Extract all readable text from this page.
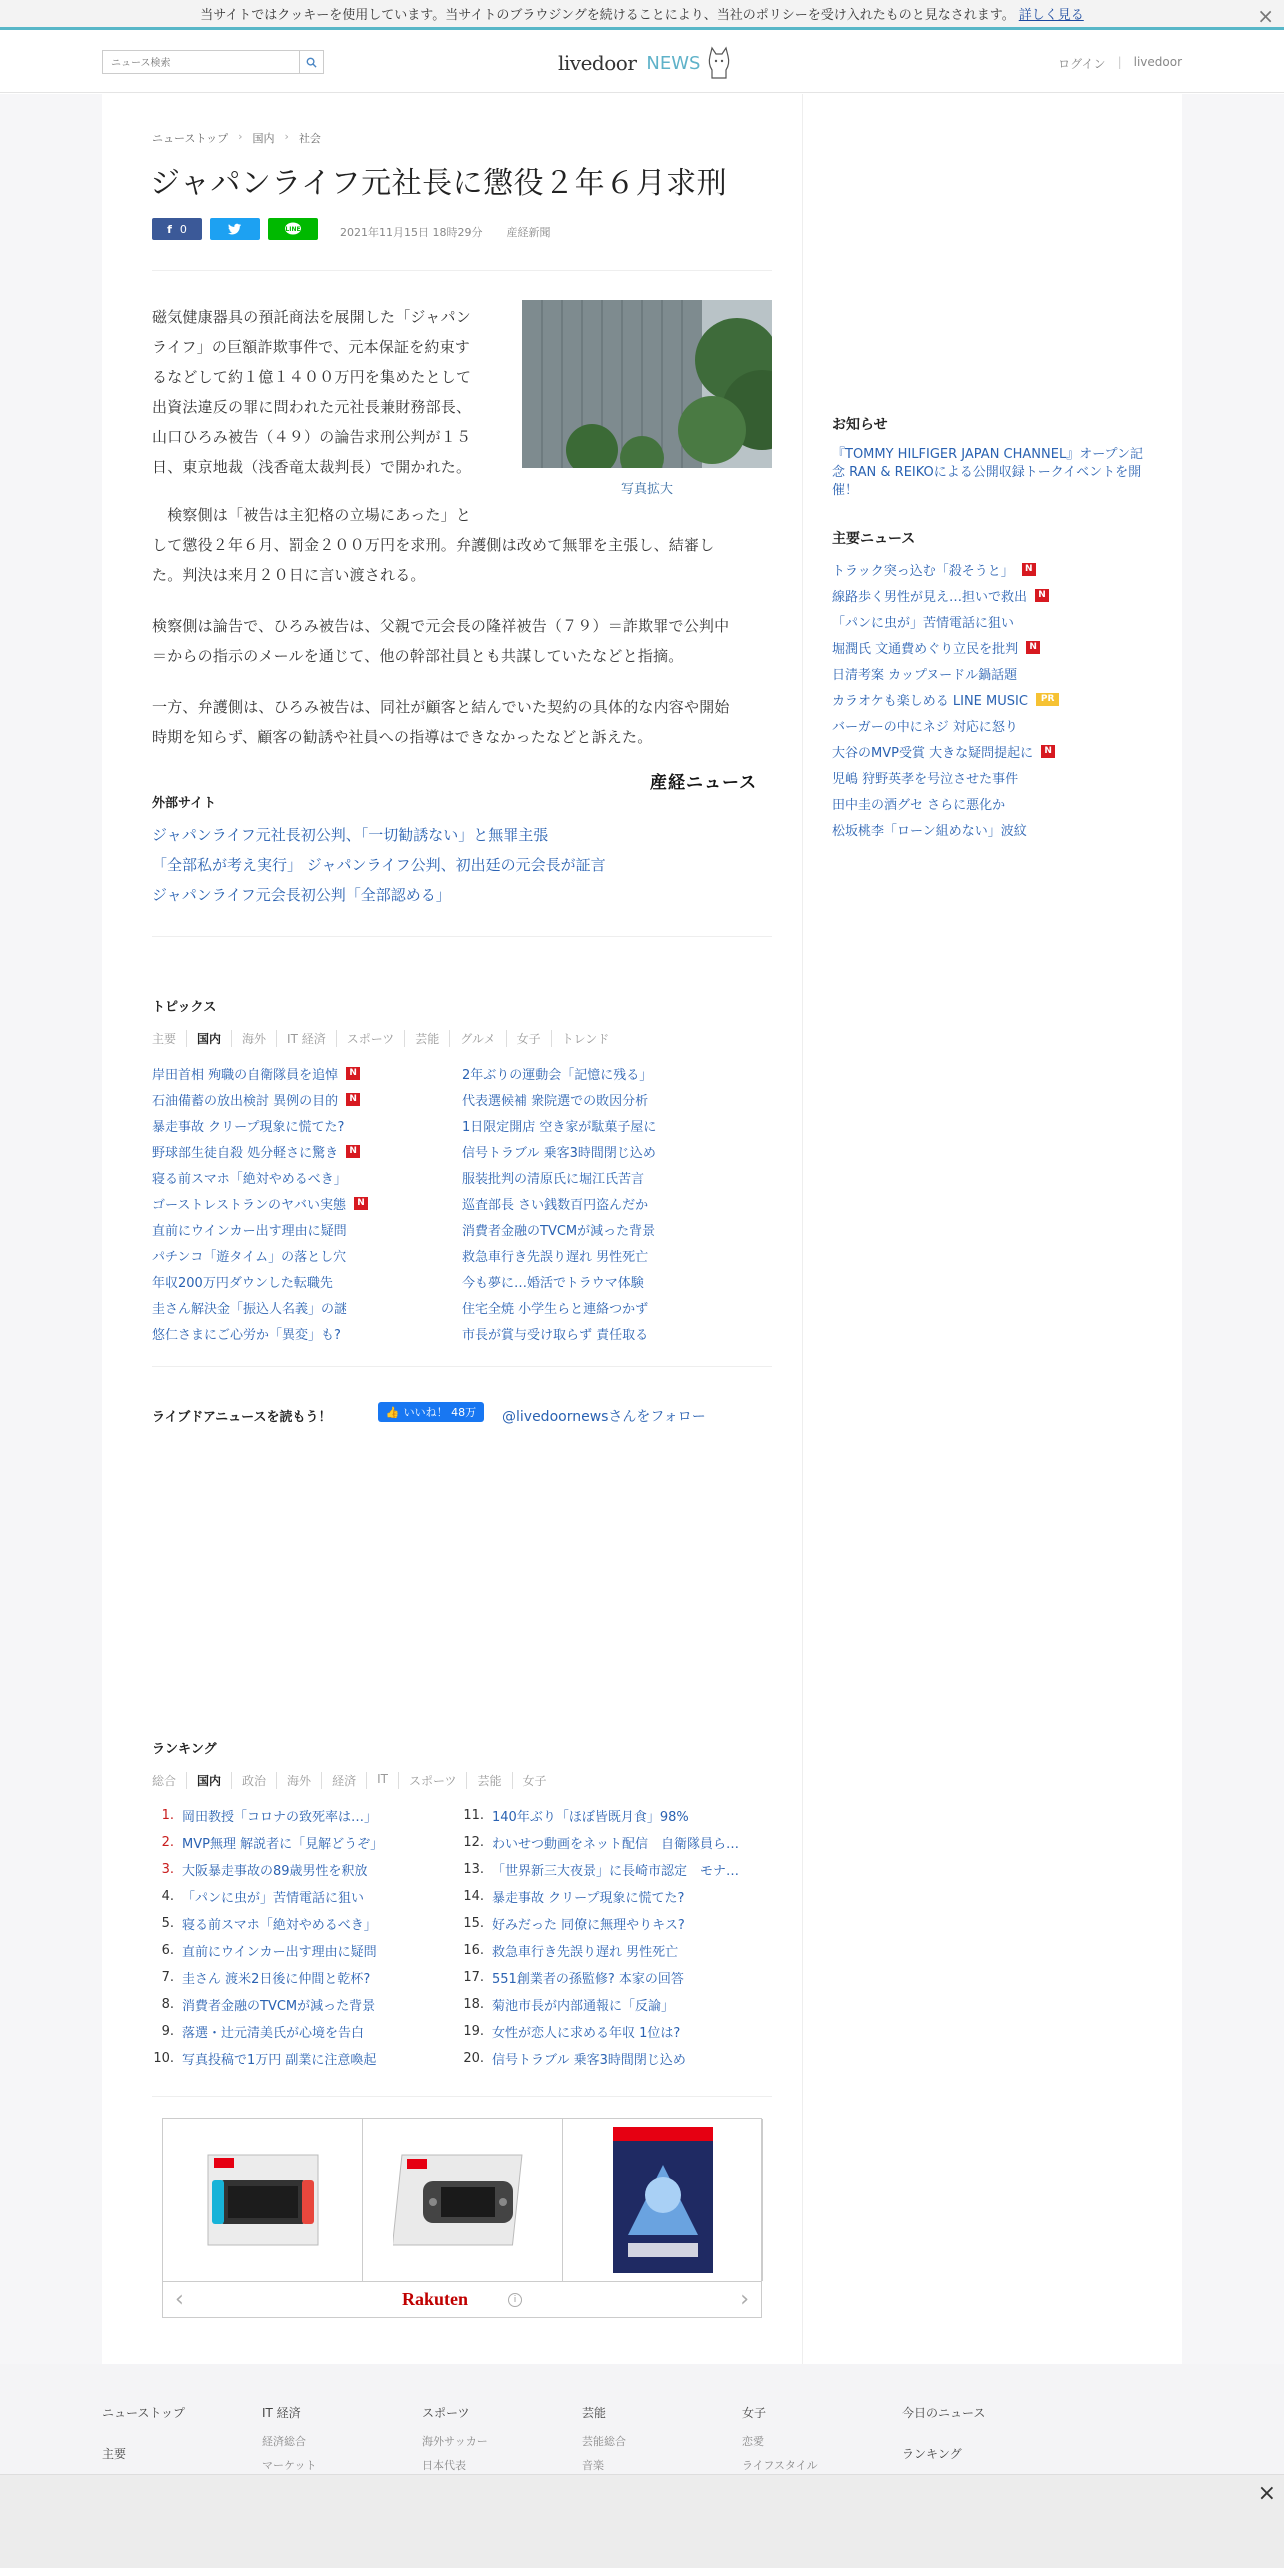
当サイトではクッキーを使用しています。当サイトのブラウジングを続けることにより、当社のポリシーを受け入れたものと見なされます。 詳しく見る	×
ニュース検索
livedoor NEWS	ログイン | livedoor
ニューストップ › 国内 › 社会
ジャパンライフ元社長に懲役２年６月求刑
f 0	LINE	2021年11月15日 18時29分 産経新聞
写真拡大

磁気健康器具の預託商法を展開した「ジャパン

ライフ」の巨額詐欺事件で、元本保証を約束す

るなどして約１億１４００万円を集めたとして

出資法違反の罪に問われた元社長兼財務部長、

山口ひろみ被告（４９）の論告求刑公判が１５

日、東京地裁（浅香竜太裁判長）で開かれた。

　検察側は「被告は主犯格の立場にあった」と

して懲役２年６月、罰金２００万円を求刑。弁護側は改めて無罪を主張し、結審し

た。判決は来月２０日に言い渡される。

検察側は論告で、ひろみ被告は、父親で元会長の隆祥被告（７９）＝詐欺罪で公判中

＝からの指示のメールを通じて、他の幹部社員とも共謀していたなどと指摘。

一方、弁護側は、ひろみ被告は、同社が顧客と結んでいた契約の具体的な内容や開始

時期を知らず、顧客の勧誘や社員への指導はできなかったなどと訴えた。

産経ニュース
外部サイト
ジャパンライフ元社長初公判、「一切勧誘ない」と無罪主張
「全部私が考え実行」 ジャパンライフ公判、初出廷の元会長が証言
ジャパンライフ元会長初公判「全部認める」
トピックス
主要	国内	海外	IT 経済	スポーツ	芸能	グルメ	女子	トレンド
岸田首相 殉職の自衛隊員を追悼	N
石油備蓄の放出検討 異例の目的	N
暴走事故 クリープ現象に慌てた?
野球部生徒自殺 処分軽さに驚き	N
寝る前スマホ「絶対やめるべき」
ゴーストレストランのヤバい実態	N
直前にウインカー出す理由に疑問
パチンコ「遊タイム」の落とし穴
年収200万円ダウンした転職先
圭さん解決金「振込人名義」の謎
悠仁さまにご心労か「異変」も?
2年ぶりの運動会「記憶に残る」
代表選候補 衆院選での敗因分析
1日限定開店 空き家が駄菓子屋に
信号トラブル 乗客3時間閉じ込め
服装批判の清原氏に堀江氏苦言
巡査部長 さい銭数百円盗んだか
消費者金融のTVCMが減った背景
救急車行き先誤り遅れ 男性死亡
今も夢に…婚活でトラウマ体験
住宅全焼 小学生らと連絡つかず
市長が賞与受け取らず 責任取る
ライブドアニュースを読もう！	👍 いいね！ 48万 @livedoornewsさんをフォロー
ランキング
総合	国内	政治	海外	経済	IT	スポーツ	芸能	女子
1. 岡田教授「コロナの致死率は…」
2. MVP無理 解説者に「見解どうぞ」
3. 大阪暴走事故の89歳男性を釈放
4. 「パンに虫が」苦情電話に狙い
5. 寝る前スマホ「絶対やめるべき」
6. 直前にウインカー出す理由に疑問
7. 圭さん 渡米2日後に仲間と乾杯?
8. 消費者金融のTVCMが減った背景
9. 落選・辻元清美氏が心境を告白
10. 写真投稿で1万円 副業に注意喚起
11. 140年ぶり「ほぼ皆既月食」98%
12. わいせつ動画をネット配信　自衛隊員ら…
13. 「世界新三大夜景」に長崎市認定　モナ…
14. 暴走事故 クリープ現象に慌てた?
15. 好みだった 同僚に無理やりキス?
16. 救急車行き先誤り遅れ 男性死亡
17. 551創業者の孫監修? 本家の回答
18. 菊池市長が内部通報に「反論」
19. 女性が恋人に求める年収 1位は?
20. 信号トラブル 乗客3時間閉じ込め
‹	Rakuten	i	›
お知らせ
『TOMMY HILFIGER JAPAN CHANNEL』オープン記念 RAN & REIKOによる公開収録トークイベントを開催！
主要ニュース
トラック突っ込む「殺そうと」	N
線路歩く男性が見え…担いで救出	N
「パンに虫が」苦情電話に狙い
堀潤氏 文通費めぐり立民を批判	N
日清考案 カップヌードル鍋話題
カラオケも楽しめる LINE MUSIC	PR
バーガーの中にネジ 対応に怒り
大谷のMVP受賞 大きな疑問提起に	N
児嶋 狩野英孝を号泣させた事件
田中圭の酒グセ さらに悪化か
松坂桃李「ローン組めない」波紋
ニューストップ
主要
IT 経済
経済総合
マーケット
スポーツ
海外サッカー
日本代表
芸能
芸能総合
音楽
女子
恋愛
ライフスタイル
今日のニュース
ランキング
×
